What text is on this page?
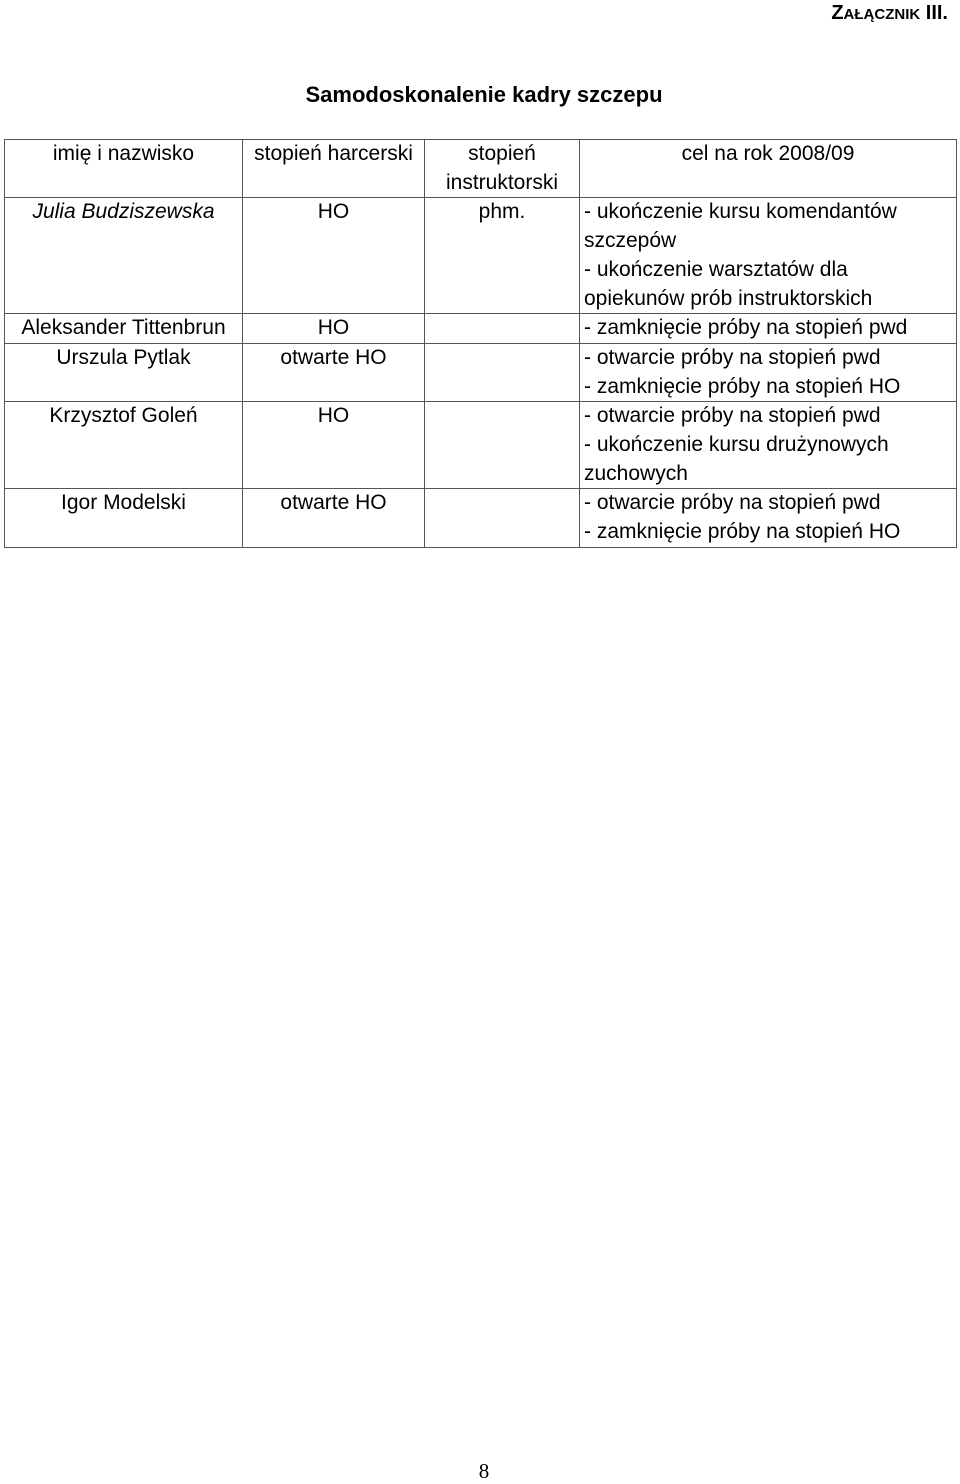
ZAŁĄCZNIK III.
Samodoskonalenie kadry szczepu
imię i nazwisko	stopień harcerski	stopień instruktorski	cel na rok 2008/09
Julia Budziszewska	HO	phm.	- ukończenie kursu komendantów szczepów
- ukończenie warsztatów dla opiekunów prób instruktorskich
Aleksander Tittenbrun	HO		- zamknięcie próby na stopień pwd
Urszula Pytlak	otwarte HO		- otwarcie próby na stopień pwd
- zamknięcie próby na stopień HO
Krzysztof Goleń	HO		- otwarcie próby na stopień pwd
- ukończenie kursu drużynowych zuchowych
Igor Modelski	otwarte HO		- otwarcie próby na stopień pwd
- zamknięcie próby na stopień HO
8
